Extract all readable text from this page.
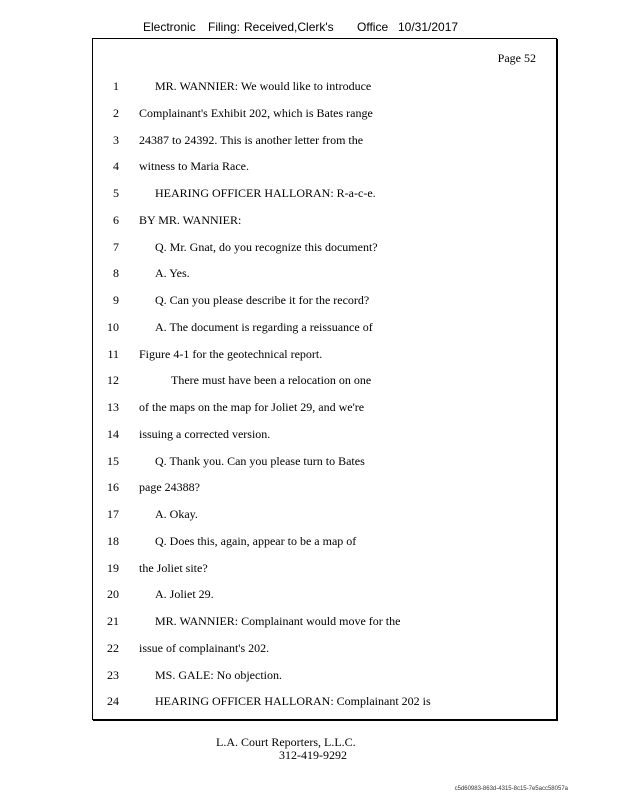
Electronic Filing: Received,Clerk's Office 10/31/2017
Page 52
1	MR. WANNIER: We would like to introduce
2 Complainant's Exhibit 202, which is Bates range
3 24387 to 24392. This is another letter from the
4 witness to Maria Race.
5	HEARING OFFICER HALLORAN: R-a-c-e.
6 BY MR. WANNIER:
7	Q. Mr. Gnat, do you recognize this document?
8	A. Yes.
9	Q. Can you please describe it for the record?
10	A. The document is regarding a reissuance of
11 Figure 4-1 for the geotechnical report.
12	There must have been a relocation on one
13 of the maps on the map for Joliet 29, and we're
14 issuing a corrected version.
15	Q. Thank you. Can you please turn to Bates
16 page 24388?
17	A. Okay.
18	Q. Does this, again, appear to be a map of
19 the Joliet site?
20	A. Joliet 29.
21	MR. WANNIER: Complainant would move for the
22 issue of complainant's 202.
23	MS. GALE: No objection.
24	HEARING OFFICER HALLORAN: Complainant 202 is
L.A. Court Reporters, L.L.C.
312-419-9292
c5d60983-863d-4315-8c15-7e5acc58057a
